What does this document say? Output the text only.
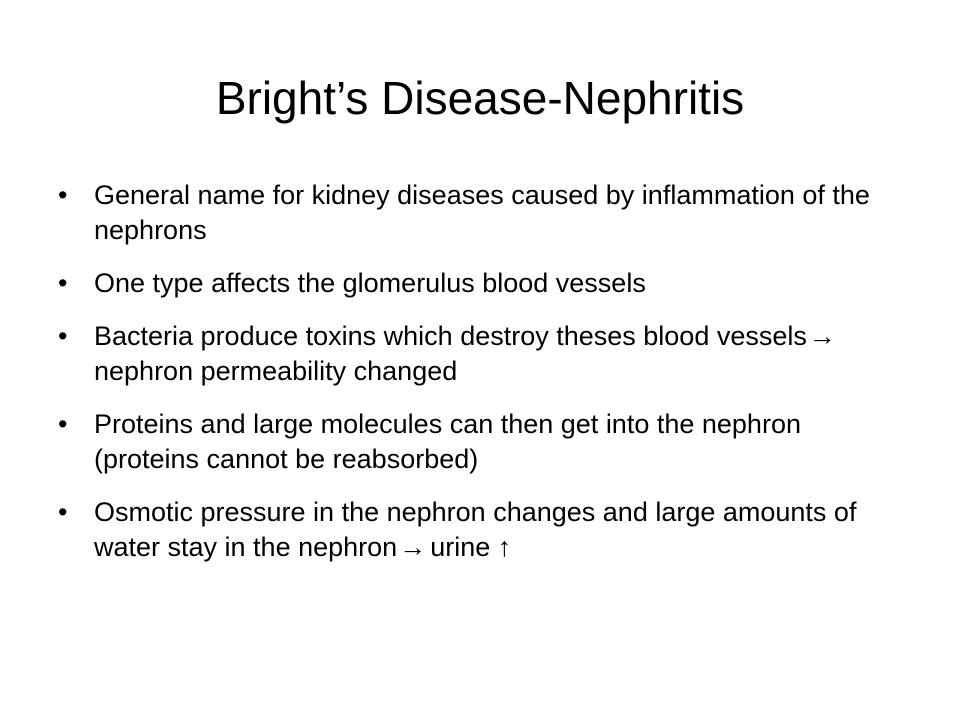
Bright’s Disease-Nephritis
• General name for kidney diseases caused by inflammation of the nephrons
• One type affects the glomerulus blood vessels
• Bacteria produce toxins which destroy theses blood vessels→nephron permeability changed
• Proteins and large molecules can then get into the nephron (proteins cannot be reabsorbed)
• Osmotic pressure in the nephron changes and large amounts of water stay in the nephron→ urine ↑
